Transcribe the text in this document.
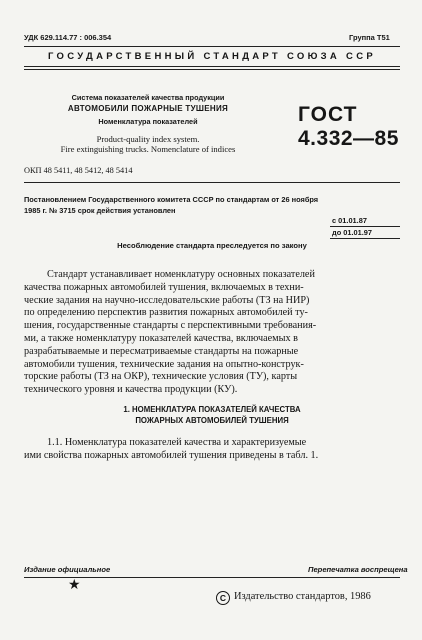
УДК 629.114.77 : 006.354	Группа Т51
ГОСУДАРСТВЕННЫЙ СТАНДАРТ СОЮЗА ССР
Система показателей качества продукции
АВТОМОБИЛИ ПОЖАРНЫЕ ТУШЕНИЯ
Номенклатура показателей
Product-quality index system.
Fire extinguishing trucks. Nomenclature of indices
ГОСТ
4.332—85
ОКП 48 5411, 48 5412, 48 5414
Постановлением Государственного комитета СССР по стандартам от 26 ноября
1985 г. № 3715 срок действия установлен
с 01.01.87
до 01.01.97
Несоблюдение стандарта преследуется по закону
Стандарт устанавливает номенклатуру основных показателей
качества пожарных автомобилей тушения, включаемых в техни-
ческие задания на научно-исследовательские работы (ТЗ на НИР)
по определению перспектив развития пожарных автомобилей ту-
шения, государственные стандарты с перспективными требования-
ми, а также номенклатуру показателей качества, включаемых в
разрабатываемые и пересматриваемые стандарты на пожарные
автомобили тушения, технические задания на опытно-конструк-
торские работы (ТЗ на ОКР), технические условия (ТУ), карты
технического уровня и качества продукции (КУ).
1. НОМЕНКЛАТУРА ПОКАЗАТЕЛЕЙ КАЧЕСТВА
ПОЖАРНЫХ АВТОМОБИЛЕЙ ТУШЕНИЯ
1.1. Номенклатура показателей качества и характеризуемые
ими свойства пожарных автомобилей тушения приведены в табл. 1.
Издание официальное	Перепечатка воспрещена
★
С Издательство стандартов, 1986
